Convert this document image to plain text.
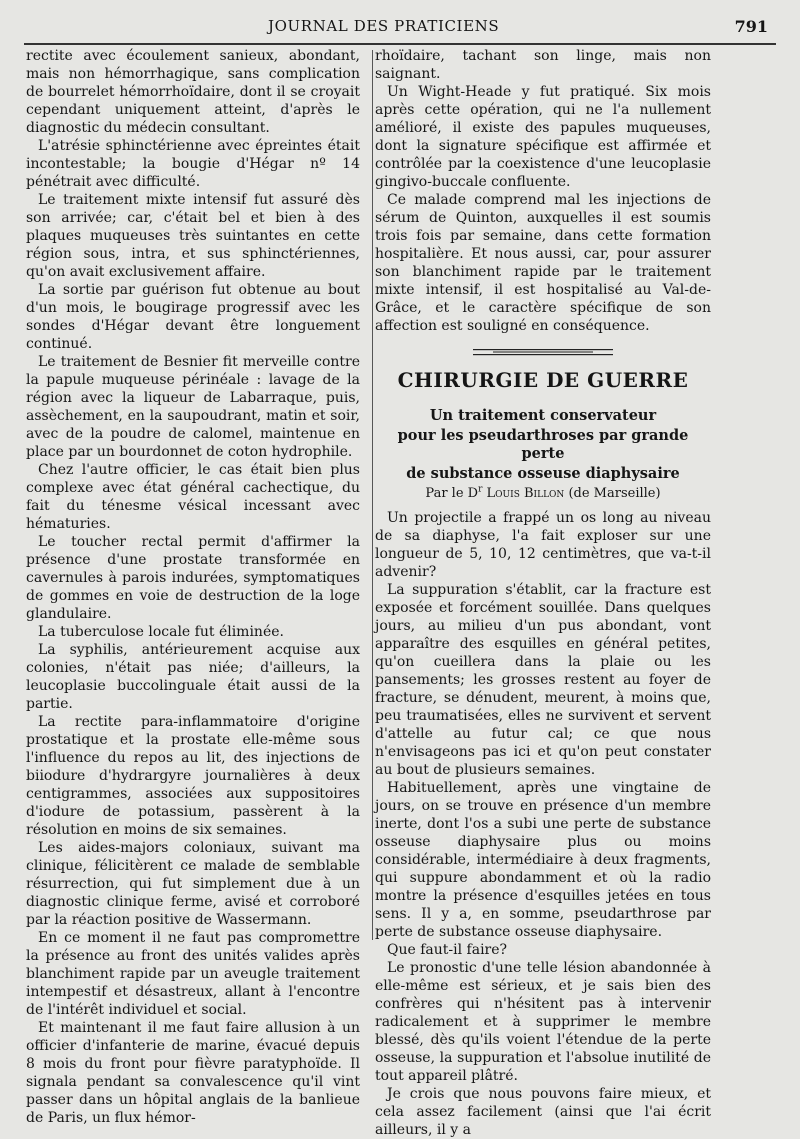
JOURNAL DES PRATICIENS	791

rectite avec écoulement sanieux, abondant, mais non hémorrhagique, sans complication de bourrelet hémorrhoïdaire, dont il se croyait cependant uniquement atteint, d'après le diagnostic du médecin consultant.

L'atrésie sphinctérienne avec épreintes était incontestable; la bougie d'Hégar nº 14 pénétrait avec difficulté.

Le traitement mixte intensif fut assuré dès son arrivée; car, c'était bel et bien à des plaques muqueuses très suintantes en cette région sous, intra, et sus sphinctériennes, qu'on avait exclusivement affaire.

La sortie par guérison fut obtenue au bout d'un mois, le bougirage progressif avec les sondes d'Hégar devant être longuement continué.

Le traitement de Besnier fit merveille contre la papule muqueuse périnéale : lavage de la région avec la liqueur de Labarraque, puis, assèchement, en la saupoudrant, matin et soir, avec de la poudre de calomel, maintenue en place par un bourdonnet de coton hydrophile.

Chez l'autre officier, le cas était bien plus complexe avec état général cachectique, du fait du ténesme vésical incessant avec hématuries.

Le toucher rectal permit d'affirmer la présence d'une prostate transformée en cavernules à parois indurées, symptomatiques de gommes en voie de destruction de la loge glandulaire.

La tuberculose locale fut éliminée.

La syphilis, antérieurement acquise aux colonies, n'était pas niée; d'ailleurs, la leucoplasie buccolinguale était aussi de la partie.

La rectite para-inflammatoire d'origine prostatique et la prostate elle-même sous l'influence du repos au lit, des injections de biiodure d'hydrargyre journalières à deux centigrammes, associées aux suppositoires d'iodure de potassium, passèrent à la résolution en moins de six semaines.

Les aides-majors coloniaux, suivant ma clinique, félicitèrent ce malade de semblable résurrection, qui fut simplement due à un diagnostic clinique ferme, avisé et corroboré par la réaction positive de Wassermann.

En ce moment il ne faut pas compromettre la présence au front des unités valides après blanchiment rapide par un aveugle traitement intempestif et désastreux, allant à l'encontre de l'intérêt individuel et social.

Et maintenant il me faut faire allusion à un officier d'infanterie de marine, évacué depuis 8 mois du front pour fièvre paratyphoïde. Il signala pendant sa convalescence qu'il vint passer dans un hôpital anglais de la banlieue de Paris, un flux hémor-

rhoïdaire, tachant son linge, mais non saignant.

Un Wight-Heade y fut pratiqué. Six mois après cette opération, qui ne l'a nullement amélioré, il existe des papules muqueuses, dont la signature spécifique est affirmée et contrôlée par la coexistence d'une leucoplasie gingivo-buccale confluente.

Ce malade comprend mal les injections de sérum de Quinton, auxquelles il est soumis trois fois par semaine, dans cette formation hospitalière. Et nous aussi, car, pour assurer son blanchiment rapide par le traitement mixte intensif, il est hospitalisé au Val-de-Grâce, et le caractère spécifique de son affection est souligné en conséquence.

CHIRURGIE DE GUERRE
Un traitement conservateur
pour les pseudarthroses par grande perte
de substance osseuse diaphysaire
Par le $D^r$ Louis Billon (de Marseille)

Un projectile a frappé un os long au niveau de sa diaphyse, l'a fait exploser sur une longueur de 5, 10, 12 centimètres, que va-t-il advenir?

La suppuration s'établit, car la fracture est exposée et forcément souillée. Dans quelques jours, au milieu d'un pus abondant, vont apparaître des esquilles en général petites, qu'on cueillera dans la plaie ou les pansements; les grosses restent au foyer de fracture, se dénudent, meurent, à moins que, peu traumatisées, elles ne survivent et servent d'attelle au futur cal; ce que nous n'envisageons pas ici et qu'on peut constater au bout de plusieurs semaines.

Habituellement, après une vingtaine de jours, on se trouve en présence d'un membre inerte, dont l'os a subi une perte de substance osseuse diaphysaire plus ou moins considérable, intermédiaire à deux fragments, qui suppure abondamment et où la radio montre la présence d'esquilles jetées en tous sens. Il y a, en somme, pseudarthrose par perte de substance osseuse diaphysaire.

Que faut-il faire?

Le pronostic d'une telle lésion abandonnée à elle-même est sérieux, et je sais bien des confrères qui n'hésitent pas à intervenir radicalement et à supprimer le membre blessé, dès qu'ils voient l'étendue de la perte osseuse, la suppuration et l'absolue inutilité de tout appareil plâtré.

Je crois que nous pouvons faire mieux, et cela assez facilement (ainsi que l'ai écrit ailleurs, il y a
